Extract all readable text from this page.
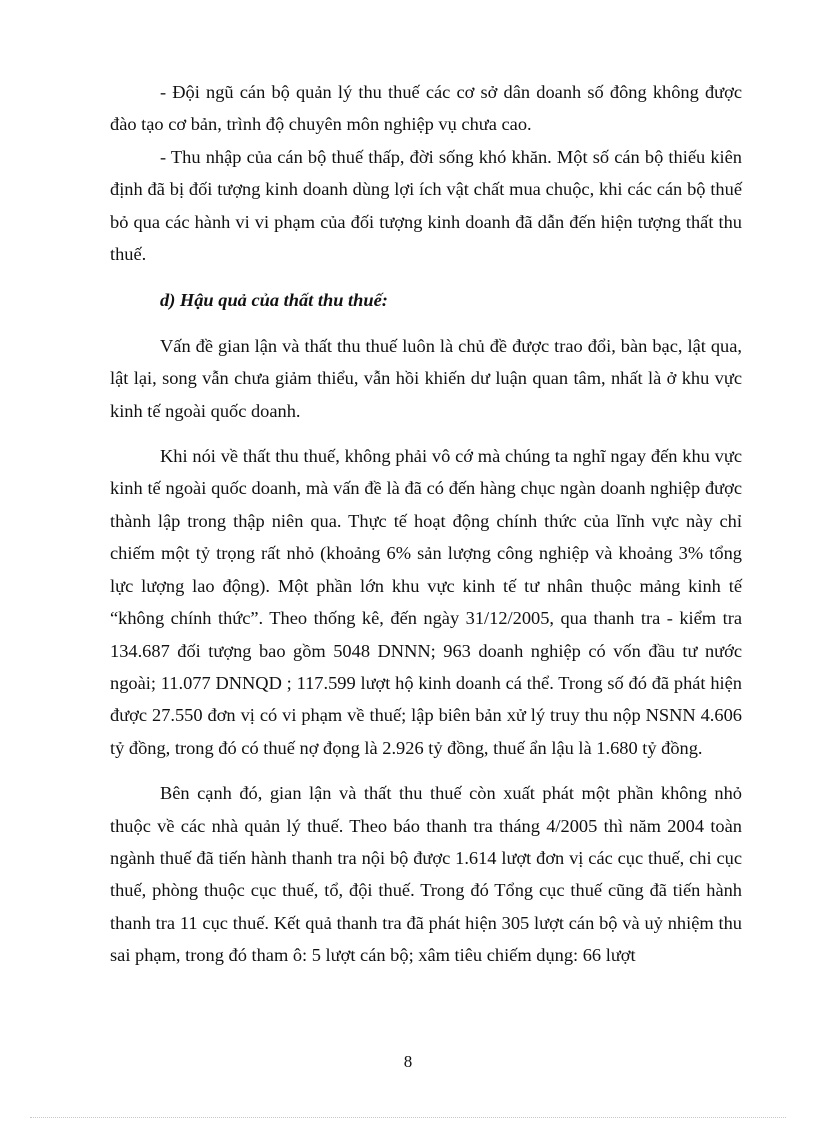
- Đội ngũ cán bộ quản lý thu thuế các cơ sở dân doanh số đông không được đào tạo cơ bản, trình độ chuyên môn nghiệp vụ chưa cao.

- Thu nhập của cán bộ thuế thấp, đời sống khó khăn. Một số cán bộ thiếu kiên định đã bị đối tượng kinh doanh dùng lợi ích vật chất mua chuộc, khi các cán bộ thuế bỏ qua các hành vi vi phạm của đối tượng kinh doanh đã dẫn đến hiện tượng thất thu thuế.

d) Hậu quả của thất thu thuế:

Vấn đề gian lận và thất thu thuế luôn là chủ đề được trao đổi, bàn bạc, lật qua, lật lại, song vẫn chưa giảm thiểu, vẫn hồi khiến dư luận quan tâm, nhất là ở khu vực kinh tế ngoài quốc doanh.

Khi nói về thất thu thuế, không phải vô cớ mà chúng ta nghĩ ngay đến khu vực kinh tế ngoài quốc doanh, mà vấn đề là đã có đến hàng chục ngàn doanh nghiệp được thành lập trong thập niên qua. Thực tế hoạt động chính thức của lĩnh vực này chỉ chiếm một tỷ trọng rất nhỏ (khoảng 6% sản lượng công nghiệp và khoảng 3% tổng lực lượng lao động). Một phần lớn khu vực kinh tế tư nhân thuộc mảng kinh tế “không chính thức”. Theo thống kê, đến ngày 31/12/2005, qua thanh tra - kiểm tra 134.687 đối tượng bao gồm 5048 DNNN; 963 doanh nghiệp có vốn đầu tư nước ngoài; 11.077 DNNQD ; 117.599 lượt hộ kinh doanh cá thể. Trong số đó đã phát hiện được 27.550 đơn vị có vi phạm về thuế; lập biên bản xử lý truy thu nộp NSNN 4.606 tỷ đồng, trong đó có thuế nợ đọng là 2.926 tỷ đồng, thuế ẩn lậu là 1.680 tỷ đồng.

Bên cạnh đó, gian lận và thất thu thuế còn xuất phát một phần không nhỏ thuộc về các nhà quản lý thuế. Theo báo thanh tra tháng 4/2005 thì năm 2004 toàn ngành thuế đã tiến hành thanh tra nội bộ được 1.614 lượt đơn vị các cục thuế, chi cục thuế, phòng thuộc cục thuế, tổ, đội thuế. Trong đó Tổng cục thuế cũng đã tiến hành thanh tra 11 cục thuế. Kết quả thanh tra đã phát hiện 305 lượt cán bộ và uỷ nhiệm thu sai phạm, trong đó tham ô: 5 lượt cán bộ; xâm tiêu chiếm dụng: 66 lượt

8
